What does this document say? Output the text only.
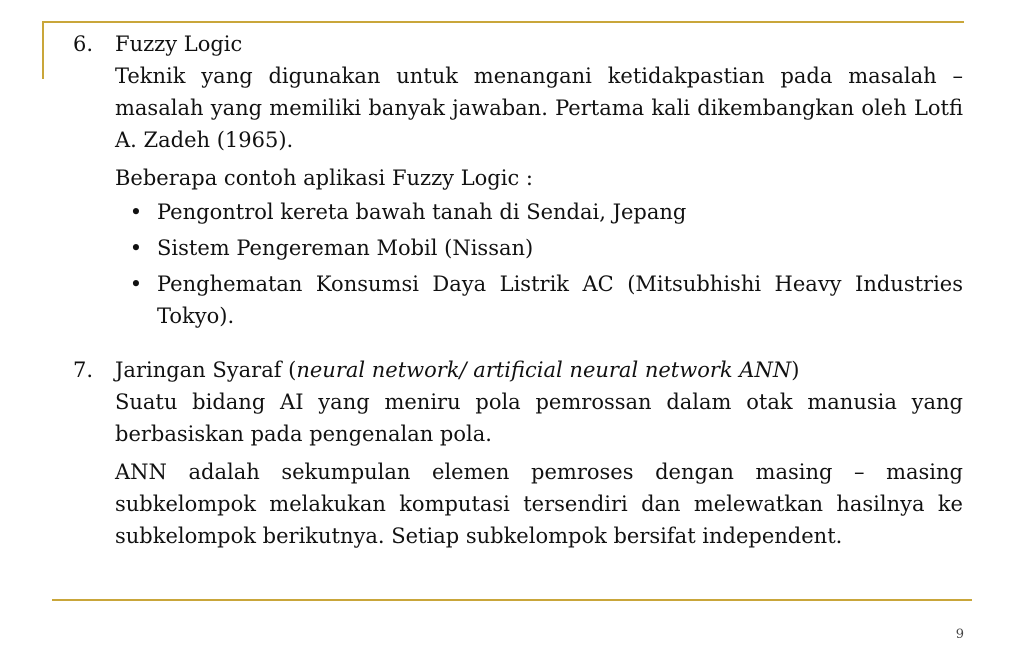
6.	Fuzzy Logic
Teknik yang digunakan untuk menangani ketidakpastian pada masalah – masalah yang memiliki banyak jawaban. Pertama kali dikembangkan oleh Lotfi A. Zadeh (1965).
Beberapa contoh aplikasi Fuzzy Logic :
• Pengontrol kereta bawah tanah di Sendai, Jepang
• Sistem Pengereman Mobil (Nissan)
• Penghematan Konsumsi Daya Listrik AC (Mitsubhishi Heavy Industries Tokyo).
7.	Jaringan Syaraf (neural network/ artificial neural network ANN)
Suatu bidang AI yang meniru pola pemrossan dalam otak manusia yang berbasiskan pada pengenalan pola.
ANN adalah sekumpulan elemen pemroses dengan masing – masing subkelompok melakukan komputasi tersendiri dan melewatkan hasilnya ke subkelompok berikutnya. Setiap subkelompok bersifat independent.
9
